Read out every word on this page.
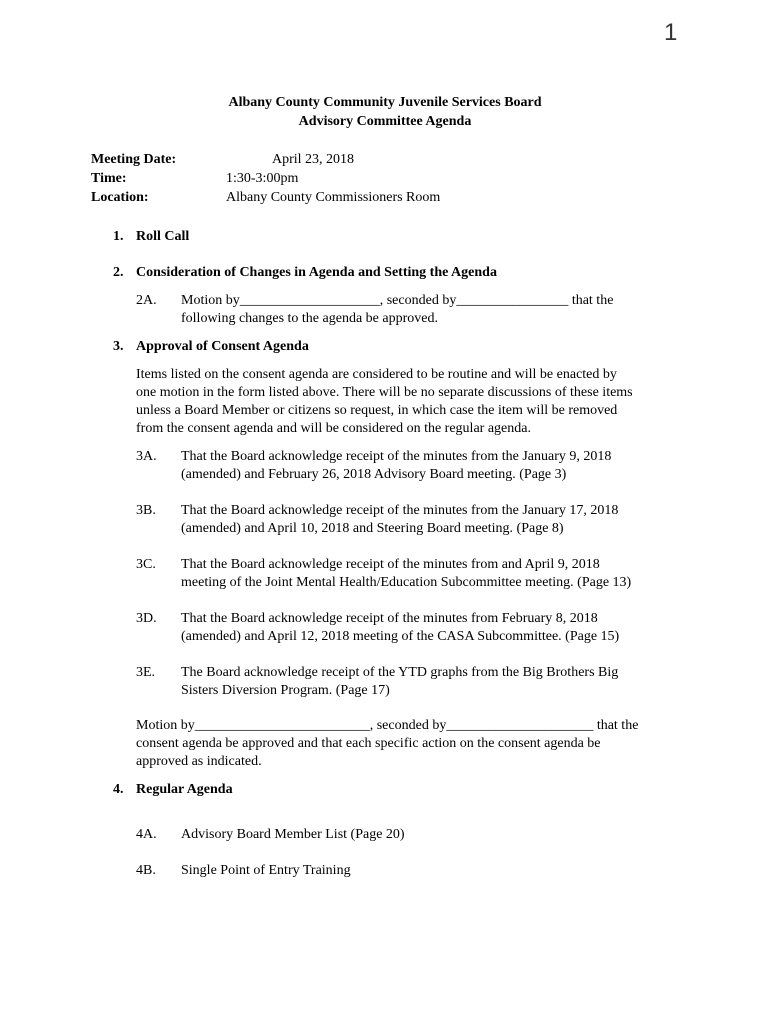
1
Albany County Community Juvenile Services Board
Advisory Committee Agenda
Meeting Date:	April 23, 2018
Time:	1:30-3:00pm
Location:	Albany County Commissioners Room
1. Roll Call
2. Consideration of Changes in Agenda and Setting the Agenda
2A. Motion by____________________, seconded by________________ that the
following changes to the agenda be approved.
3. Approval of Consent Agenda
Items listed on the consent agenda are considered to be routine and will be enacted by
one motion in the form listed above. There will be no separate discussions of these items
unless a Board Member or citizens so request, in which case the item will be removed
from the consent agenda and will be considered on the regular agenda.
3A. That the Board acknowledge receipt of the minutes from the January 9, 2018
(amended) and February 26, 2018 Advisory Board meeting. (Page 3)
3B. That the Board acknowledge receipt of the minutes from the January 17, 2018
(amended) and April 10, 2018 and Steering Board meeting. (Page 8)
3C. That the Board acknowledge receipt of the minutes from and April 9, 2018
meeting of the Joint Mental Health/Education Subcommittee meeting. (Page 13)
3D. That the Board acknowledge receipt of the minutes from February 8, 2018
(amended) and April 12, 2018 meeting of the CASA Subcommittee. (Page 15)
3E. The Board acknowledge receipt of the YTD graphs from the Big Brothers Big
Sisters Diversion Program. (Page 17)
Motion by_________________________, seconded by_____________________ that the
consent agenda be approved and that each specific action on the consent agenda be
approved as indicated.
4. Regular Agenda
4A. Advisory Board Member List (Page 20)
4B. Single Point of Entry Training
